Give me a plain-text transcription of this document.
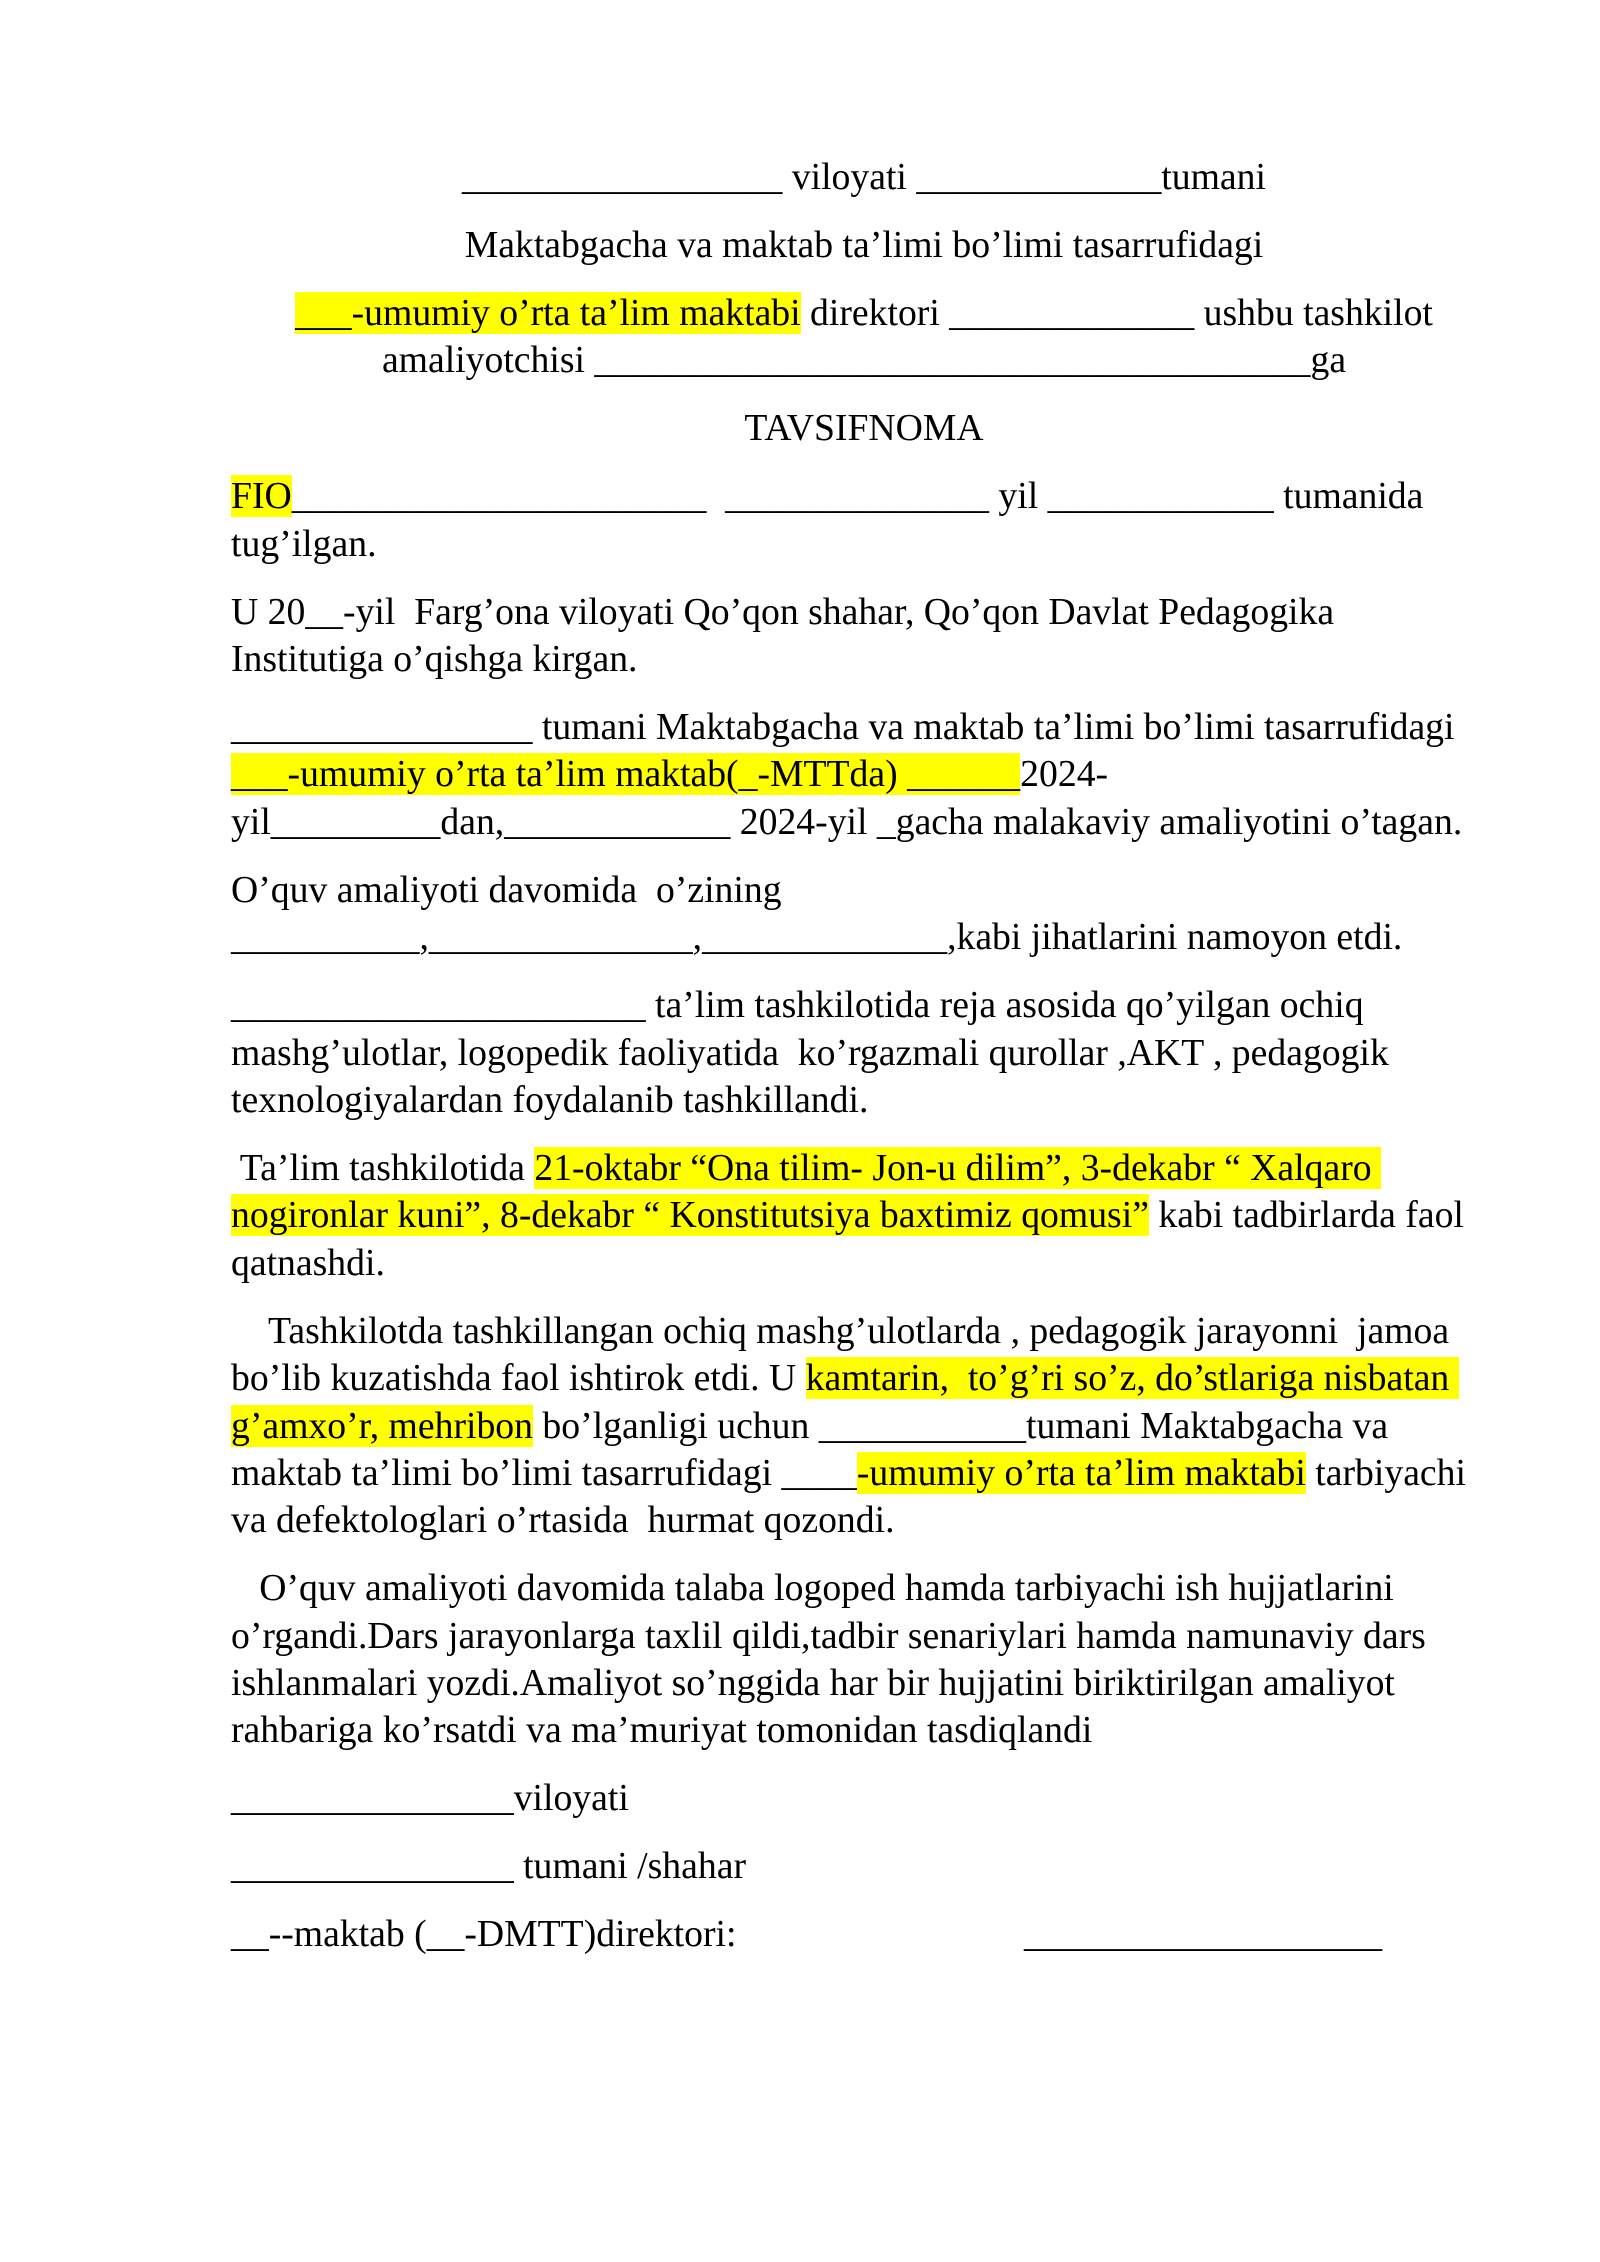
_________________ viloyati _____________tumani
Maktabgacha va maktab ta’limi bo’limi tasarrufidagi
___-umumiy o’rta ta’lim maktabi direktori _____________ ushbu tashkilot
amaliyotchisi ______________________________________ga
TAVSIFNOMA
FIO______________________  ______________ yil ____________ tumanida
tug’ilgan.
U 20__-yil  Farg’ona viloyati Qo’qon shahar, Qo’qon Davlat Pedagogika
Institutiga o’qishga kirgan.
________________ tumani Maktabgacha va maktab ta’limi bo’limi tasarrufidagi
___-umumiy o’rta ta’lim maktab(_-MTTda) ______2024-
yil_________dan,____________ 2024-yil _gacha malakaviy amaliyotini o’tagan.
O’quv amaliyoti davomida  o’zining
__________,______________,_____________,kabi jihatlarini namoyon etdi.
______________________ ta’lim tashkilotida reja asosida qo’yilgan ochiq
mashg’ulotlar, logopedik faoliyatida  ko’rgazmali qurollar ,AKT , pedagogik
texnologiyalardan foydalanib tashkillandi.
Ta’lim tashkilotida 21-oktabr “Ona tilim- Jon-u dilim”, 3-dekabr “ Xalqaro
nogironlar kuni”, 8-dekabr “ Konstitutsiya baxtimiz qomusi” kabi tadbirlarda faol
qatnashdi.
Tashkilotda tashkillangan ochiq mashg’ulotlarda , pedagogik jarayonni  jamoa
bo’lib kuzatishda faol ishtirok etdi. U kamtarin,  to’g’ri so’z, do’stlariga nisbatan
g’amxo’r, mehribon bo’lganligi uchun ___________tumani Maktabgacha va
maktab ta’limi bo’limi tasarrufidagi ____-umumiy o’rta ta’lim maktabi tarbiyachi
va defektologlari o’rtasida  hurmat qozondi.
O’quv amaliyoti davomida talaba logoped hamda tarbiyachi ish hujjatlarini
o’rgandi.Dars jarayonlarga taxlil qildi,tadbir senariylari hamda namunaviy dars
ishlanmalari yozdi.Amaliyot so’nggida har bir hujjatini biriktirilgan amaliyot
rahbariga ko’rsatdi va ma’muriyat tomonidan tasdiqlandi
_______________viloyati
_______________ tumani /shahar
__--maktab (__-DMTT)direktori:	___________________
